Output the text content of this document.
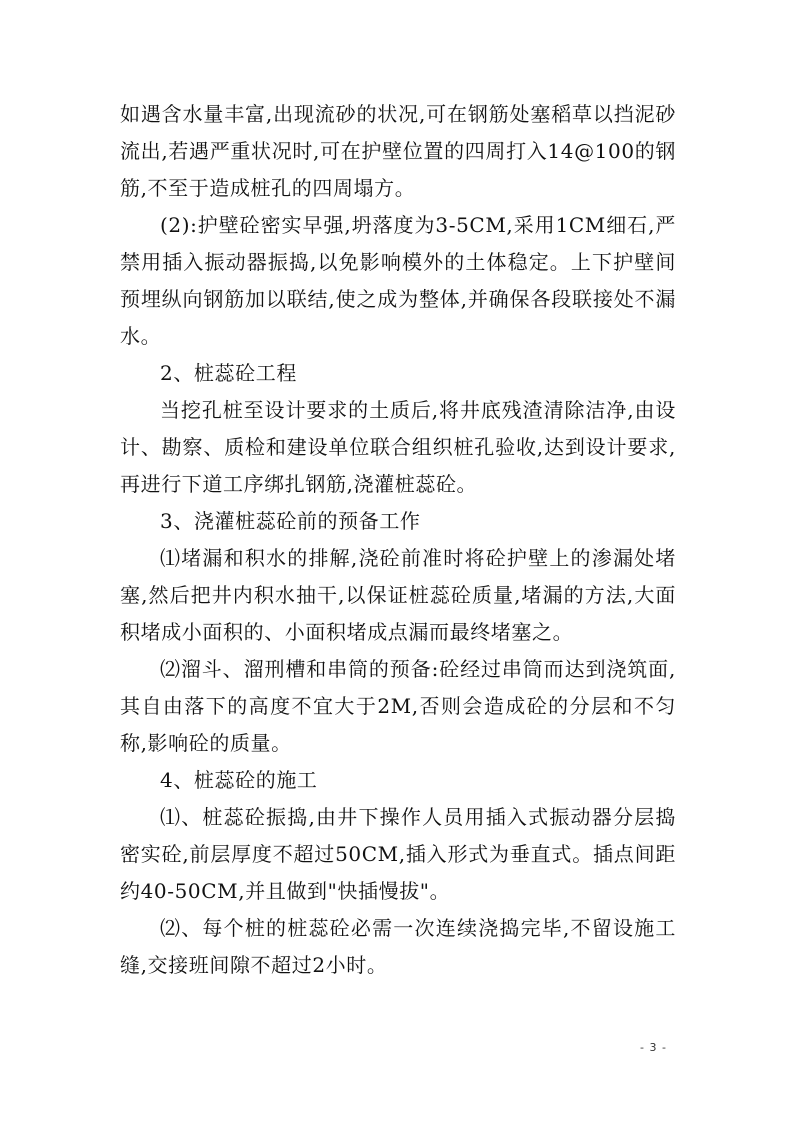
如遇含水量丰富,出现流砂的状况,可在钢筋处塞稻草以挡泥砂流出,若遇严重状况时,可在护壁位置的四周打入14@100的钢筋,不至于造成桩孔的四周塌方。

(2):护壁砼密实早强,坍落度为3-5CM,采用1CM细石,严禁用插入振动器振捣,以免影响模外的土体稳定。上下护壁间预埋纵向钢筋加以联结,使之成为整体,并确保各段联接处不漏水。

2、桩蕊砼工程

当挖孔桩至设计要求的土质后,将井底残渣清除洁净,由设计、勘察、质检和建设单位联合组织桩孔验收,达到设计要求,再进行下道工序绑扎钢筋,浇灌桩蕊砼。

3、浇灌桩蕊砼前的预备工作

⑴堵漏和积水的排解,浇砼前准时将砼护壁上的渗漏处堵塞,然后把井内积水抽干,以保证桩蕊砼质量,堵漏的方法,大面积堵成小面积的、小面积堵成点漏而最终堵塞之。

⑵溜斗、溜刑槽和串筒的预备:砼经过串筒而达到浇筑面,其自由落下的高度不宜大于2M,否则会造成砼的分层和不匀称,影响砼的质量。

4、桩蕊砼的施工

⑴、桩蕊砼振捣,由井下操作人员用插入式振动器分层捣密实砼,前层厚度不超过50CM,插入形式为垂直式。插点间距约40-50CM,并且做到"快插慢拔"。

⑵、每个桩的桩蕊砼必需一次连续浇捣完毕,不留设施工缝,交接班间隙不超过2小时。

- 3 -
